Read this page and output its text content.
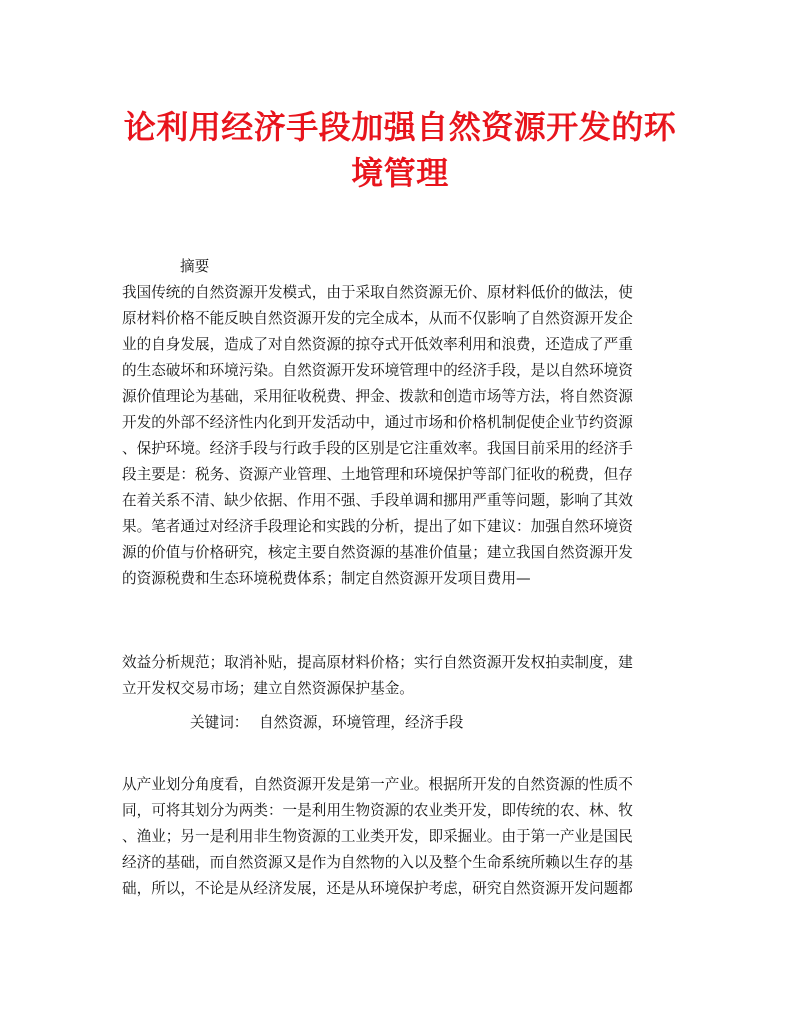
论利用经济手段加强自然资源开发的环境管理
摘要
我国传统的自然资源开发模式，由于采取自然资源无价、原材料低价的做法，使
原材料价格不能反映自然资源开发的完全成本，从而不仅影响了自然资源开发企
业的自身发展，造成了对自然资源的掠夺式开低效率利用和浪费，还造成了严重
的生态破坏和环境污染。自然资源开发环境管理中的经济手段，是以自然环境资
源价值理论为基础，采用征收税费、押金、拨款和创造市场等方法，将自然资源
开发的外部不经济性内化到开发活动中，通过市场和价格机制促使企业节约资源
、保护环境。经济手段与行政手段的区别是它注重效率。我国目前采用的经济手
段主要是：税务、资源产业管理、土地管理和环境保护等部门征收的税费，但存
在着关系不清、缺少依据、作用不强、手段单调和挪用严重等问题，影响了其效
果。笔者通过对经济手段理论和实践的分析，提出了如下建议：加强自然环境资
源的价值与价格研究，核定主要自然资源的基准价值量；建立我国自然资源开发
的资源税费和生态环境税费体系；制定自然资源开发项目费用—
效益分析规范；取消补贴，提高原材料价格；实行自然资源开发权拍卖制度，建
立开发权交易市场；建立自然资源保护基金。
关键词： 自然资源，环境管理，经济手段
从产业划分角度看，自然资源开发是第一产业。根据所开发的自然资源的性质不
同，可将其划分为两类：一是利用生物资源的农业类开发，即传统的农、林、牧
、渔业；另一是利用非生物资源的工业类开发，即采掘业。由于第一产业是国民
经济的基础，而自然资源又是作为自然物的入以及整个生命系统所赖以生存的基
础，所以，不论是从经济发展，还是从环境保护考虑，研究自然资源开发问题都
